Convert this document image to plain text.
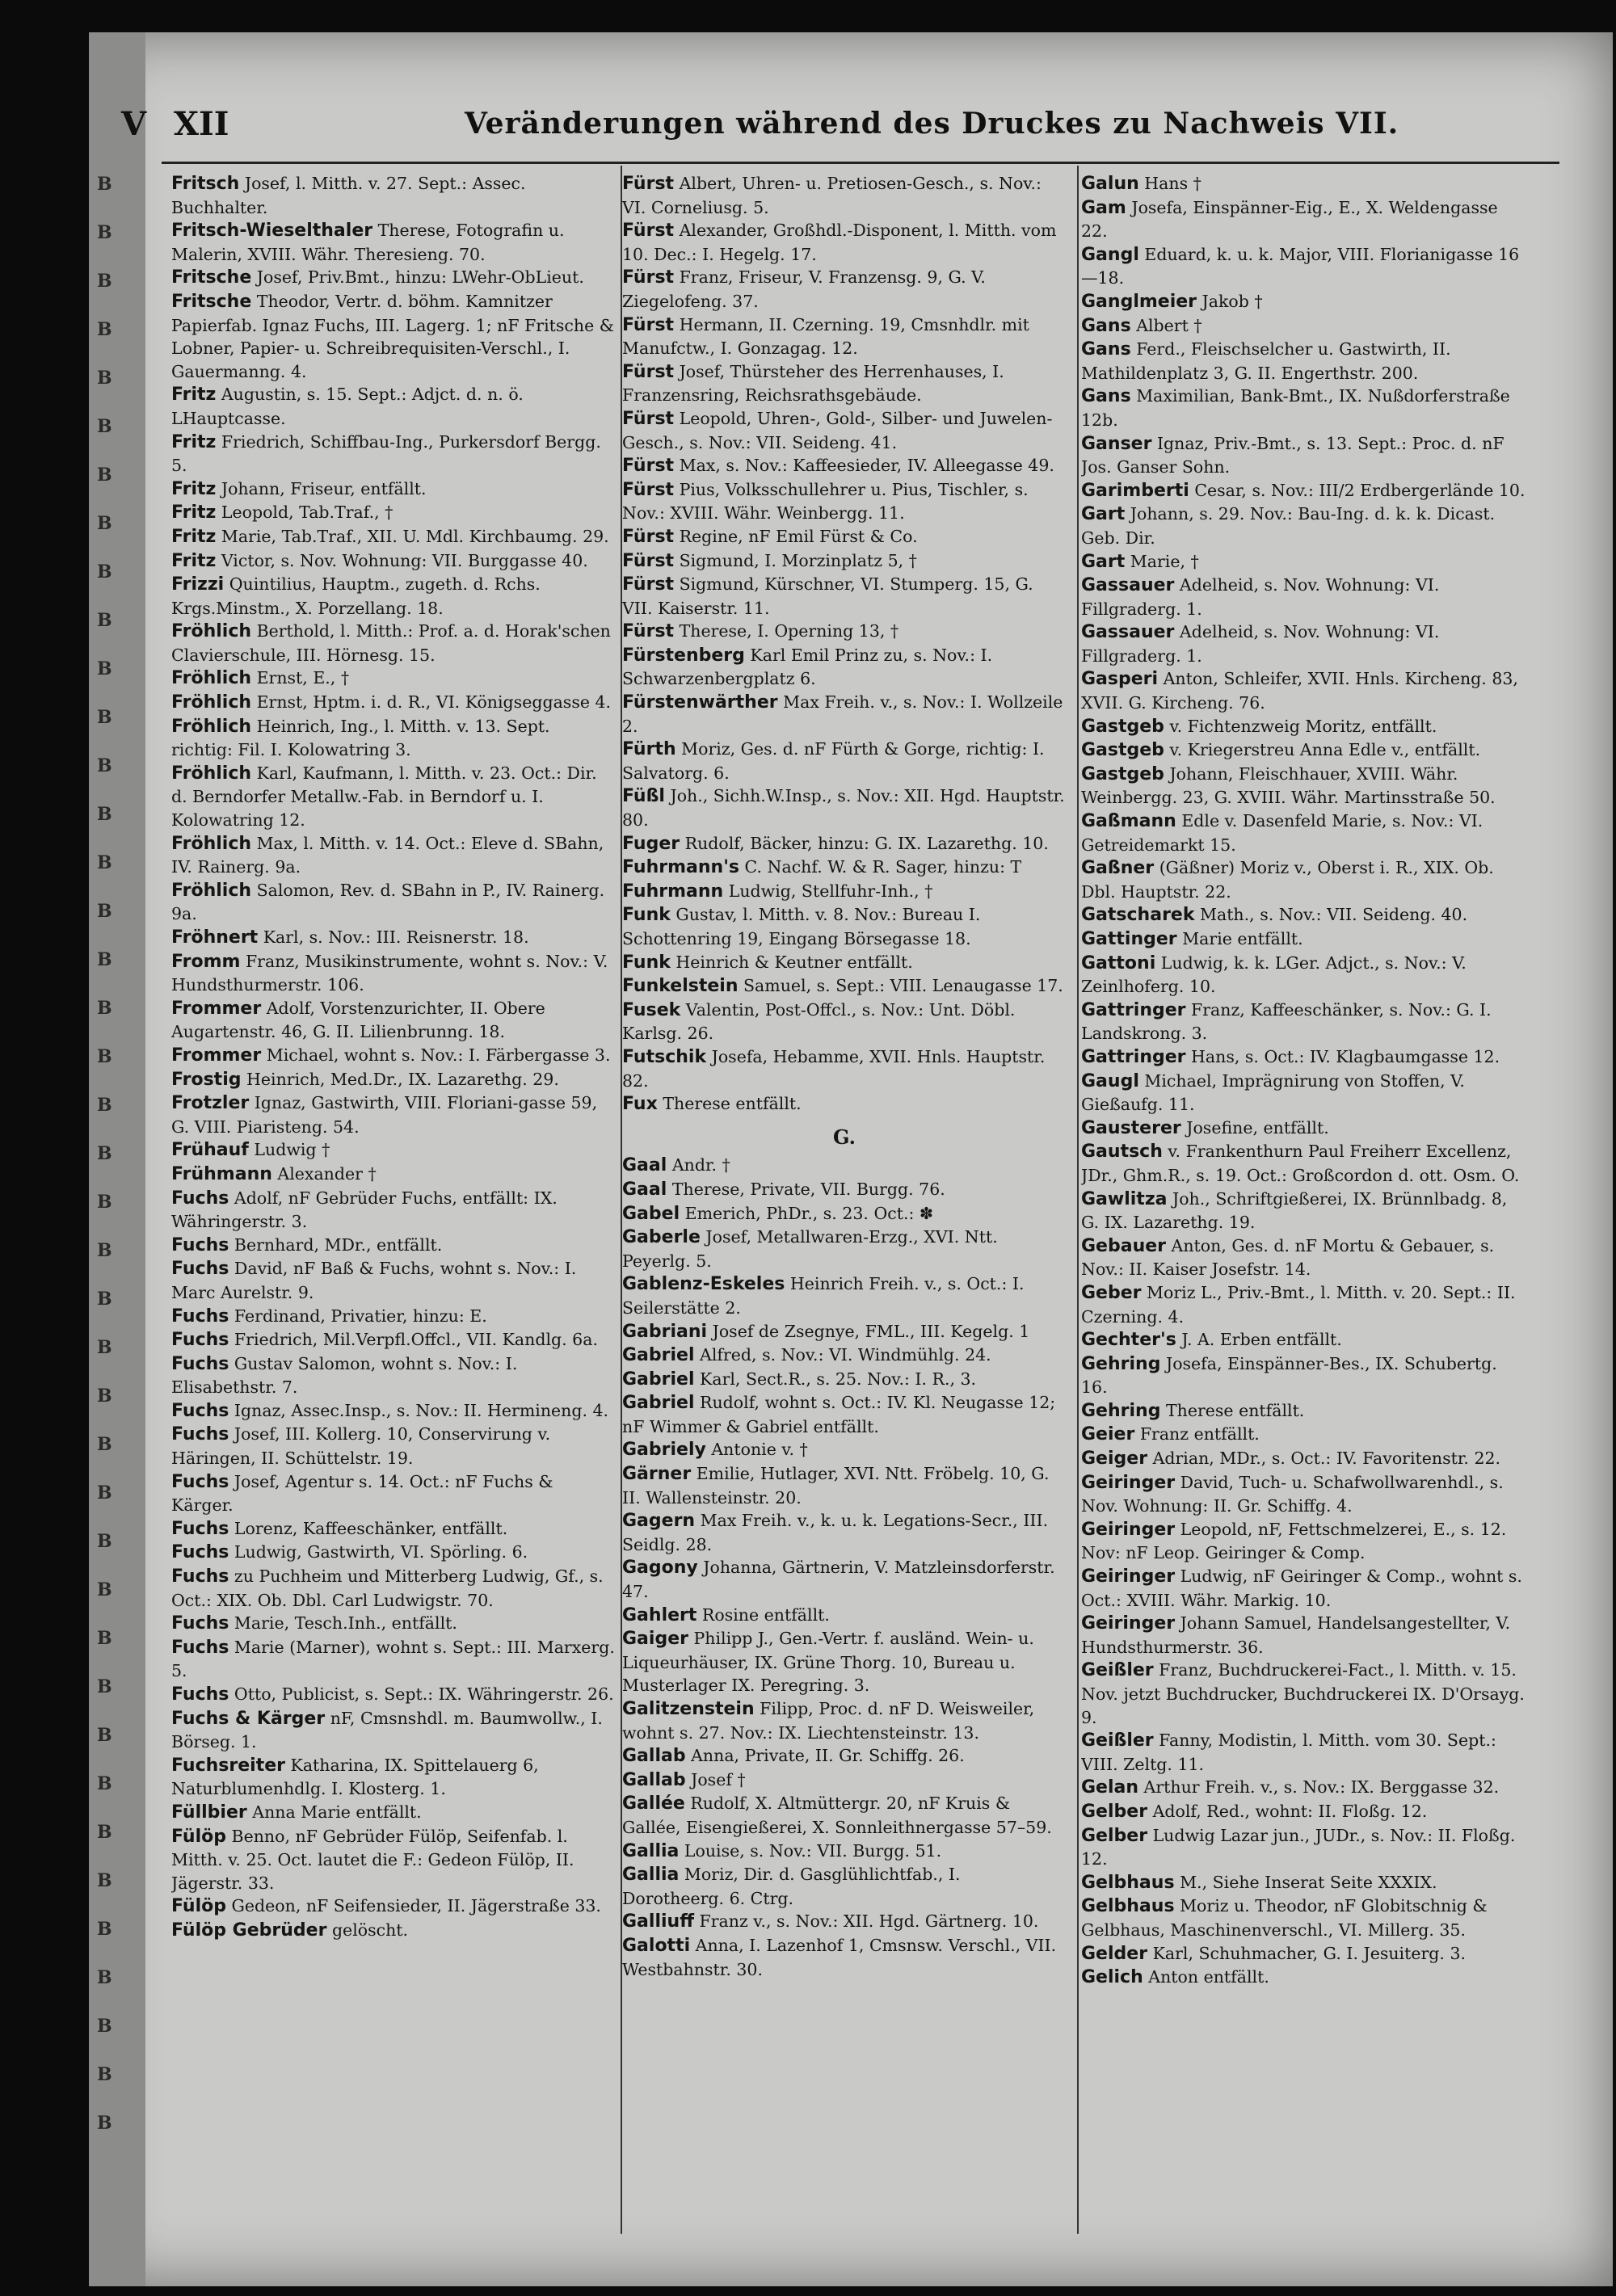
B
B
B
B
B
B
B
B
B
B
B
B
B
B
B
B
B
B
B
B
B
B
B
B
B
B
B
B
B
B
B
B
B
B
B
B
B
B
B
B
B
V XII	Veränderungen während des Druckes zu Nachweis VII.

Fritsch Josef, l. Mitth. v. 27. Sept.: Assec. Buchhalter.

Fritsch-Wieselthaler Therese, Fotografin u. Malerin, XVIII. Währ. Theresieng. 70.

Fritsche Josef, Priv.Bmt., hinzu: LWehr-ObLieut.

Fritsche Theodor, Vertr. d. böhm. Kamnitzer Papierfab. Ignaz Fuchs, III. Lagerg. 1; nF Fritsche & Lobner, Papier- u. Schreibrequisiten-Verschl., I. Gauermanng. 4.

Fritz Augustin, s. 15. Sept.: Adjct. d. n. ö. LHauptcasse.

Fritz Friedrich, Schiffbau-Ing., Purkersdorf Bergg. 5.

Fritz Johann, Friseur, entfällt.

Fritz Leopold, Tab.Traf., †

Fritz Marie, Tab.Traf., XII. U. Mdl. Kirchbaumg. 29.

Fritz Victor, s. Nov. Wohnung: VII. Burggasse 40.

Frizzi Quintilius, Hauptm., zugeth. d. Rchs. Krgs.Minstm., X. Porzellang. 18.

Fröhlich Berthold, l. Mitth.: Prof. a. d. Horak'schen Clavierschule, III. Hörnesg. 15.

Fröhlich Ernst, E., †

Fröhlich Ernst, Hptm. i. d. R., VI. Königseggasse 4.

Fröhlich Heinrich, Ing., l. Mitth. v. 13. Sept. richtig: Fil. I. Kolowatring 3.

Fröhlich Karl, Kaufmann, l. Mitth. v. 23. Oct.: Dir. d. Berndorfer Metallw.-Fab. in Berndorf u. I. Kolowatring 12.

Fröhlich Max, l. Mitth. v. 14. Oct.: Eleve d. SBahn, IV. Rainerg. 9a.

Fröhlich Salomon, Rev. d. SBahn in P., IV. Rainerg. 9a.

Fröhnert Karl, s. Nov.: III. Reisnerstr. 18.

Fromm Franz, Musikinstrumente, wohnt s. Nov.: V. Hundsthurmerstr. 106.

Frommer Adolf, Vorstenzurichter, II. Obere Augartenstr. 46, G. II. Lilienbrunng. 18.

Frommer Michael, wohnt s. Nov.: I. Färbergasse 3.

Frostig Heinrich, Med.Dr., IX. Lazarethg. 29.

Frotzler Ignaz, Gastwirth, VIII. Floriani-gasse 59, G. VIII. Piaristeng. 54.

Frühauf Ludwig †

Frühmann Alexander †

Fuchs Adolf, nF Gebrüder Fuchs, entfällt: IX. Währingerstr. 3.

Fuchs Bernhard, MDr., entfällt.

Fuchs David, nF Baß & Fuchs, wohnt s. Nov.: I. Marc Aurelstr. 9.

Fuchs Ferdinand, Privatier, hinzu: E.

Fuchs Friedrich, Mil.Verpfl.Offcl., VII. Kandlg. 6a.

Fuchs Gustav Salomon, wohnt s. Nov.: I. Elisabethstr. 7.

Fuchs Ignaz, Assec.Insp., s. Nov.: II. Hermineng. 4.

Fuchs Josef, III. Kollerg. 10, Conservirung v. Häringen, II. Schüttelstr. 19.

Fuchs Josef, Agentur s. 14. Oct.: nF Fuchs & Kärger.

Fuchs Lorenz, Kaffeeschänker, entfällt.

Fuchs Ludwig, Gastwirth, VI. Spörling. 6.

Fuchs zu Puchheim und Mitterberg Ludwig, Gf., s. Oct.: XIX. Ob. Dbl. Carl Ludwigstr. 70.

Fuchs Marie, Tesch.Inh., entfällt.

Fuchs Marie (Marner), wohnt s. Sept.: III. Marxerg. 5.

Fuchs Otto, Publicist, s. Sept.: IX. Währingerstr. 26.

Fuchs & Kärger nF, Cmsnshdl. m. Baumwollw., I. Börseg. 1.

Fuchsreiter Katharina, IX. Spittelauerg 6, Naturblumenhdlg. I. Klosterg. 1.

Füllbier Anna Marie entfällt.

Fülöp Benno, nF Gebrüder Fülöp, Seifenfab. l. Mitth. v. 25. Oct. lautet die F.: Gedeon Fülöp, II. Jägerstr. 33.

Fülöp Gedeon, nF Seifensieder, II. Jägerstraße 33.

Fülöp Gebrüder gelöscht.

Fürst Albert, Uhren- u. Pretiosen-Gesch., s. Nov.: VI. Corneliusg. 5.

Fürst Alexander, Großhdl.-Disponent, l. Mitth. vom 10. Dec.: I. Hegelg. 17.

Fürst Franz, Friseur, V. Franzensg. 9, G. V. Ziegelofeng. 37.

Fürst Hermann, II. Czerning. 19, Cmsnhdlr. mit Manufctw., I. Gonzagag. 12.

Fürst Josef, Thürsteher des Herrenhauses, I. Franzensring, Reichsrathsgebäude.

Fürst Leopold, Uhren-, Gold-, Silber- und Juwelen-Gesch., s. Nov.: VII. Seideng. 41.

Fürst Max, s. Nov.: Kaffeesieder, IV. Alleegasse 49.

Fürst Pius, Volksschullehrer u. Pius, Tischler, s. Nov.: XVIII. Währ. Weinbergg. 11.

Fürst Regine, nF Emil Fürst & Co.

Fürst Sigmund, I. Morzinplatz 5, †

Fürst Sigmund, Kürschner, VI. Stumperg. 15, G. VII. Kaiserstr. 11.

Fürst Therese, I. Operning 13, †

Fürstenberg Karl Emil Prinz zu, s. Nov.: I. Schwarzenbergplatz 6.

Fürstenwärther Max Freih. v., s. Nov.: I. Wollzeile 2.

Fürth Moriz, Ges. d. nF Fürth & Gorge, richtig: I. Salvatorg. 6.

Füßl Joh., Sichh.W.Insp., s. Nov.: XII. Hgd. Hauptstr. 80.

Fuger Rudolf, Bäcker, hinzu: G. IX. Lazarethg. 10.

Fuhrmann's C. Nachf. W. & R. Sager, hinzu: T

Fuhrmann Ludwig, Stellfuhr-Inh., †

Funk Gustav, l. Mitth. v. 8. Nov.: Bureau I. Schottenring 19, Eingang Börsegasse 18.

Funk Heinrich & Keutner entfällt.

Funkelstein Samuel, s. Sept.: VIII. Lenaugasse 17.

Fusek Valentin, Post-Offcl., s. Nov.: Unt. Döbl. Karlsg. 26.

Futschik Josefa, Hebamme, XVII. Hnls. Hauptstr. 82.

Fux Therese entfällt.

G.

Gaal Andr. †

Gaal Therese, Private, VII. Burgg. 76.

Gabel Emerich, PhDr., s. 23. Oct.: ✽

Gaberle Josef, Metallwaren-Erzg., XVI. Ntt. Peyerlg. 5.

Gablenz-Eskeles Heinrich Freih. v., s. Oct.: I. Seilerstätte 2.

Gabriani Josef de Zsegnye, FML., III. Kegelg. 1

Gabriel Alfred, s. Nov.: VI. Windmühlg. 24.

Gabriel Karl, Sect.R., s. 25. Nov.: I. R., 3.

Gabriel Rudolf, wohnt s. Oct.: IV. Kl. Neugasse 12; nF Wimmer & Gabriel entfällt.

Gabriely Antonie v. †

Gärner Emilie, Hutlager, XVI. Ntt. Fröbelg. 10, G. II. Wallensteinstr. 20.

Gagern Max Freih. v., k. u. k. Legations-Secr., III. Seidlg. 28.

Gagony Johanna, Gärtnerin, V. Matzleinsdorferstr. 47.

Gahlert Rosine entfällt.

Gaiger Philipp J., Gen.-Vertr. f. ausländ. Wein- u. Liqueurhäuser, IX. Grüne Thorg. 10, Bureau u. Musterlager IX. Peregring. 3.

Galitzenstein Filipp, Proc. d. nF D. Weisweiler, wohnt s. 27. Nov.: IX. Liechtensteinstr. 13.

Gallab Anna, Private, II. Gr. Schiffg. 26.

Gallab Josef †

Gallée Rudolf, X. Altmüttergr. 20, nF Kruis & Gallée, Eisengießerei, X. Sonnleithnergasse 57–59.

Gallia Louise, s. Nov.: VII. Burgg. 51.

Gallia Moriz, Dir. d. Gasglühlichtfab., I. Dorotheerg. 6. Ctrg.

Galliuff Franz v., s. Nov.: XII. Hgd. Gärtnerg. 10.

Galotti Anna, I. Lazenhof 1, Cmsnsw. Verschl., VII. Westbahnstr. 30.

Galun Hans †

Gam Josefa, Einspänner-Eig., E., X. Weldengasse 22.

Gangl Eduard, k. u. k. Major, VIII. Florianigasse 16—18.

Ganglmeier Jakob †

Gans Albert †

Gans Ferd., Fleischselcher u. Gastwirth, II. Mathildenplatz 3, G. II. Engerthstr. 200.

Gans Maximilian, Bank-Bmt., IX. Nußdorferstraße 12b.

Ganser Ignaz, Priv.-Bmt., s. 13. Sept.: Proc. d. nF Jos. Ganser Sohn.

Garimberti Cesar, s. Nov.: III/2 Erdbergerlände 10.

Gart Johann, s. 29. Nov.: Bau-Ing. d. k. k. Dicast. Geb. Dir.

Gart Marie, †

Gassauer Adelheid, s. Nov. Wohnung: VI. Fillgraderg. 1.

Gassauer Adelheid, s. Nov. Wohnung: VI. Fillgraderg. 1.

Gasperi Anton, Schleifer, XVII. Hnls. Kircheng. 83, XVII. G. Kircheng. 76.

Gastgeb v. Fichtenzweig Moritz, entfällt.

Gastgeb v. Kriegerstreu Anna Edle v., entfällt.

Gastgeb Johann, Fleischhauer, XVIII. Währ. Weinbergg. 23, G. XVIII. Währ. Martinsstraße 50.

Gaßmann Edle v. Dasenfeld Marie, s. Nov.: VI. Getreidemarkt 15.

Gaßner (Gäßner) Moriz v., Oberst i. R., XIX. Ob. Dbl. Hauptstr. 22.

Gatscharek Math., s. Nov.: VII. Seideng. 40.

Gattinger Marie entfällt.

Gattoni Ludwig, k. k. LGer. Adjct., s. Nov.: V. Zeinlhoferg. 10.

Gattringer Franz, Kaffeeschänker, s. Nov.: G. I. Landskrong. 3.

Gattringer Hans, s. Oct.: IV. Klagbaumgasse 12.

Gaugl Michael, Imprägnirung von Stoffen, V. Gießaufg. 11.

Gausterer Josefine, entfällt.

Gautsch v. Frankenthurn Paul Freiherr Excellenz, JDr., Ghm.R., s. 19. Oct.: Großcordon d. ott. Osm. O.

Gawlitza Joh., Schriftgießerei, IX. Brünnlbadg. 8, G. IX. Lazarethg. 19.

Gebauer Anton, Ges. d. nF Mortu & Gebauer, s. Nov.: II. Kaiser Josefstr. 14.

Geber Moriz L., Priv.-Bmt., l. Mitth. v. 20. Sept.: II. Czerning. 4.

Gechter's J. A. Erben entfällt.

Gehring Josefa, Einspänner-Bes., IX. Schubertg. 16.

Gehring Therese entfällt.

Geier Franz entfällt.

Geiger Adrian, MDr., s. Oct.: IV. Favoritenstr. 22.

Geiringer David, Tuch- u. Schafwollwarenhdl., s. Nov. Wohnung: II. Gr. Schiffg. 4.

Geiringer Leopold, nF, Fettschmelzerei, E., s. 12. Nov: nF Leop. Geiringer & Comp.

Geiringer Ludwig, nF Geiringer & Comp., wohnt s. Oct.: XVIII. Währ. Markig. 10.

Geiringer Johann Samuel, Handelsangestellter, V. Hundsthurmerstr. 36.

Geißler Franz, Buchdruckerei-Fact., l. Mitth. v. 15. Nov. jetzt Buchdrucker, Buchdruckerei IX. D'Orsayg. 9.

Geißler Fanny, Modistin, l. Mitth. vom 30. Sept.: VIII. Zeltg. 11.

Gelan Arthur Freih. v., s. Nov.: IX. Berggasse 32.

Gelber Adolf, Red., wohnt: II. Floßg. 12.

Gelber Ludwig Lazar jun., JUDr., s. Nov.: II. Floßg. 12.

Gelbhaus M., Siehe Inserat Seite XXXIX.

Gelbhaus Moriz u. Theodor, nF Globitschnig & Gelbhaus, Maschinenverschl., VI. Millerg. 35.

Gelder Karl, Schuhmacher, G. I. Jesuiterg. 3.

Gelich Anton entfällt.
